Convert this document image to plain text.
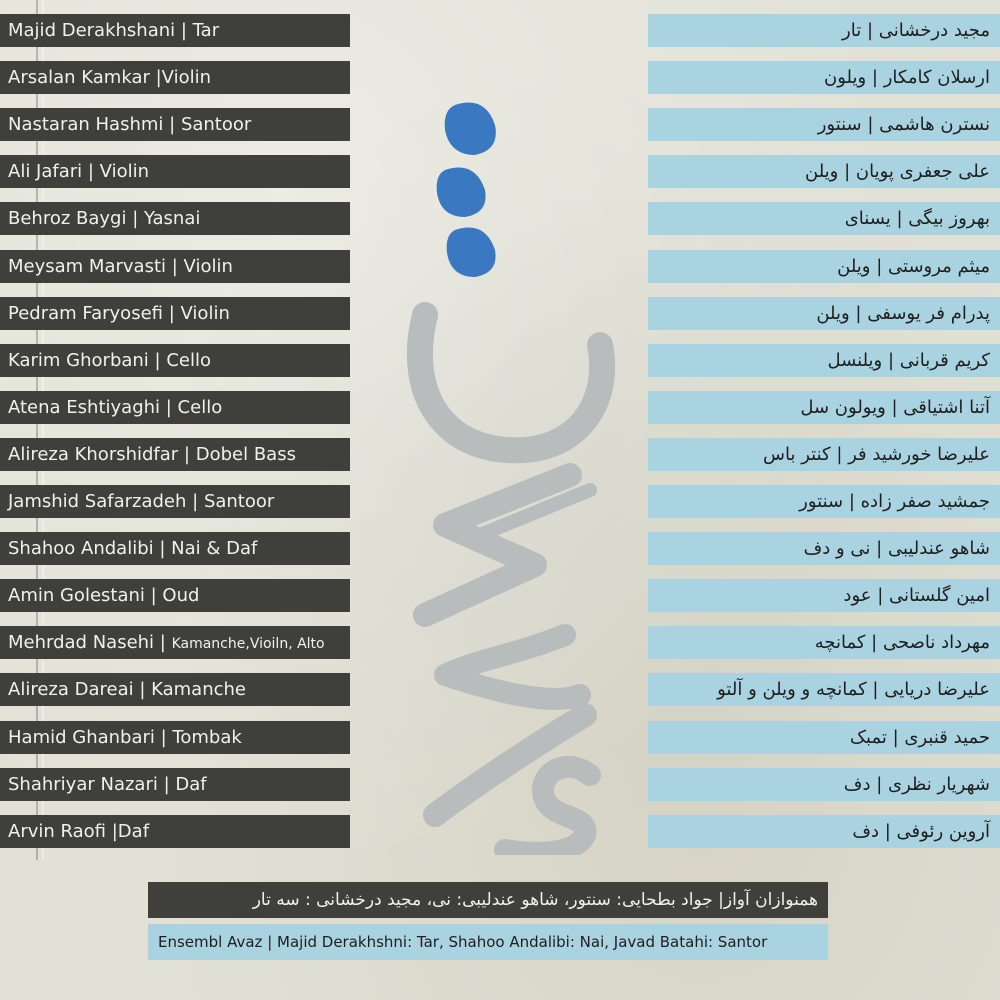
Majid Derakhshani | Tar
Arsalan Kamkar |Violin
Nastaran Hashmi | Santoor
Ali Jafari | Violin
Behroz Baygi | Yasnai
Meysam Marvasti | Violin
Pedram Faryosefi | Violin
Karim Ghorbani | Cello
Atena Eshtiyaghi | Cello
Alireza Khorshidfar | Dobel Bass
Jamshid Safarzadeh | Santoor
Shahoo Andalibi | Nai & Daf
Amin Golestani | Oud
Mehrdad Nasehi | Kamanche,Vioiln, Alto
Alireza Dareai | Kamanche
Hamid Ghanbari | Tombak
Shahriyar Nazari | Daf
Arvin Raofi |Daf
مجید درخشانی | تار
ارسلان کامکار | ویلون
نسترن هاشمی | سنتور
علی جعفری پویان | ویلن
بهروز بیگی | یسنای
میثم مروستی | ویلن
پدرام فر یوسفی | ویلن
کریم قربانی | ویلنسل
آتنا اشتیاقی | ویولون سل
علیرضا خورشید فر | کنتر باس
جمشید صفر زاده | سنتور
شاهو عندلیبی | نی و دف
امین گلستانی | عود
مهرداد ناصحی | کمانچه
علیرضا دریایی | کمانچه و ویلن و آلتو
حمید قنبری | تمبک
شهریار نظری | دف
آروین رئوفی | دف
همنوازان آواز| جواد بطحایی: سنتور، شاهو عندلیبی: نی، مجید درخشانی : سه تار
Ensembl Avaz | Majid Derakhshni: Tar, Shahoo Andalibi: Nai, Javad Batahi: Santor
